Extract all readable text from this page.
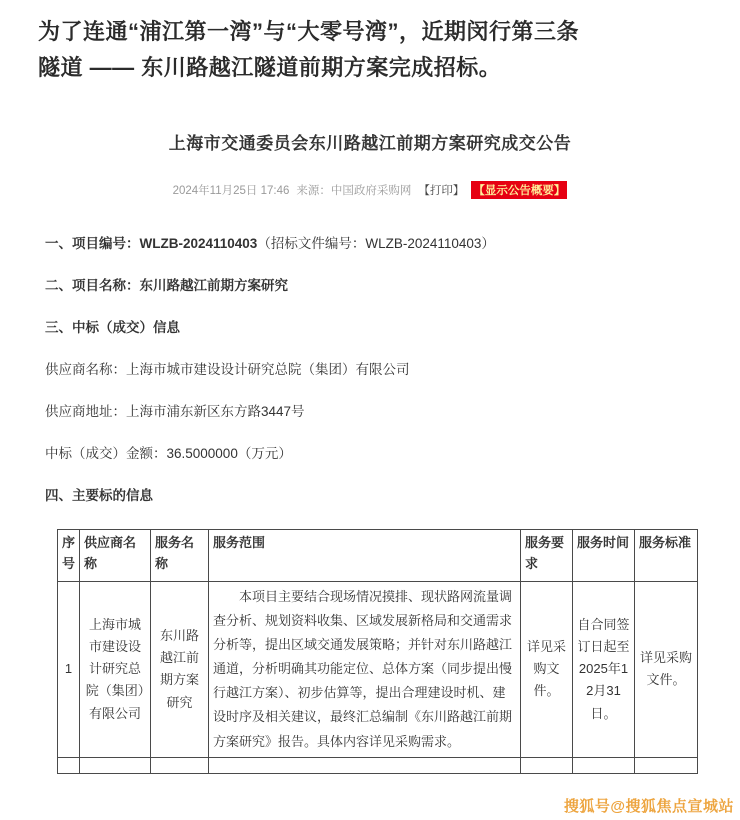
为了连通“浦江第一湾”与“大零号湾”，近期闵行第三条
隧道 —— 东川路越江隧道前期方案完成招标。

上海市交通委员会东川路越江前期方案研究成交公告
2024年11月25日 17:46 来源：中国政府采购网 【打印】 【显示公告概要】

一、项目编号：WLZB-2024110403（招标文件编号：WLZB-2024110403）

二、项目名称：东川路越江前期方案研究

三、中标（成交）信息

供应商名称：上海市城市建设设计研究总院（集团）有限公司

供应商地址：上海市浦东新区东方路3447号

中标（成交）金额：36.5000000（万元）

四、主要标的信息

序号	供应商名称	服务名称	服务范围	服务要求	服务时间	服务标准
1	上海市城市建设设计研究总院（集团）有限公司	东川路越江前期方案研究	本项目主要结合现场情况摸排、现状路网流量调查分析、规划资料收集、区域发展新格局和交通需求分析等，提出区域交通发展策略；并针对东川路越江通道，分析明确其功能定位、总体方案（同步提出慢行越江方案）、初步估算等，提出合理建设时机、建设时序及相关建议，最终汇总编制《东川路越江前期方案研究》报告。具体内容详见采购需求。	详见采购文件。	自合同签订日起至2025年12月31日。	详见采购文件。

搜狐号@搜狐焦点宣城站
